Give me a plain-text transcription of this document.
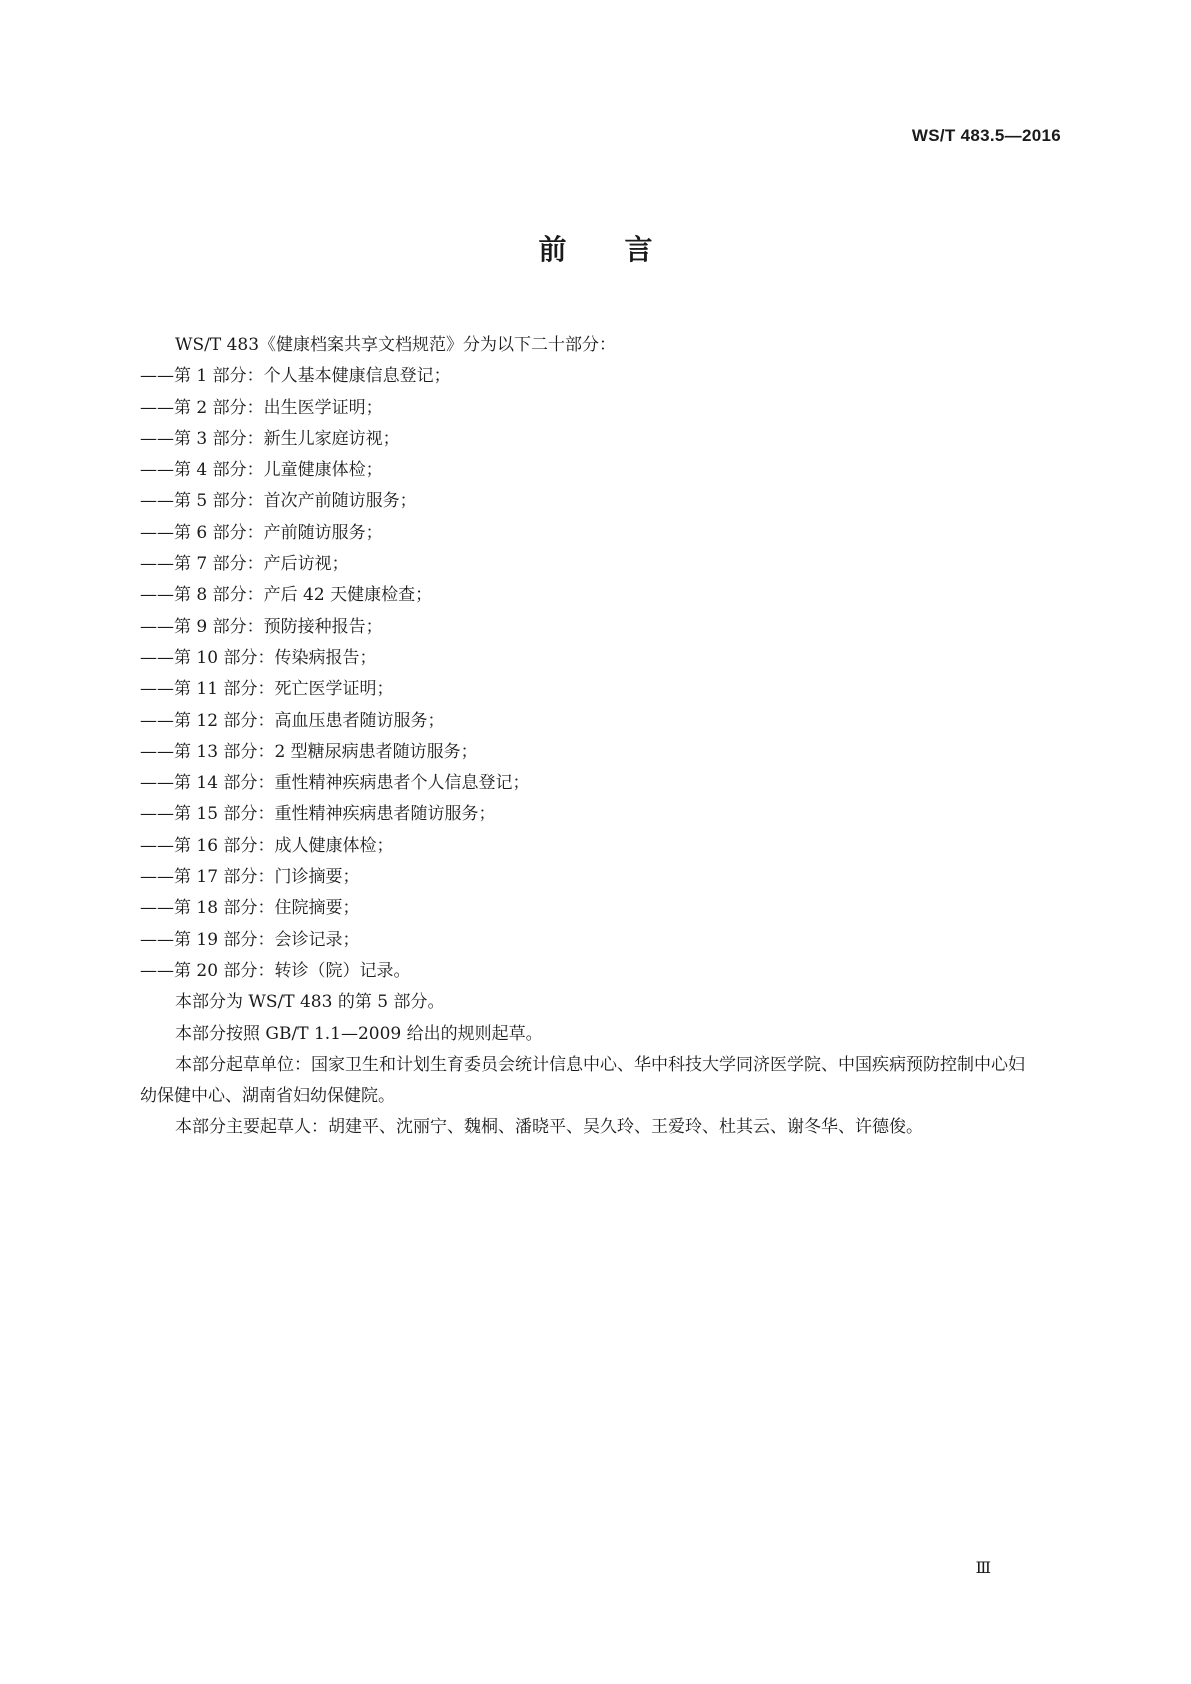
WS/T 483.5—2016
前言
WS/T 483《健康档案共享文档规范》分为以下二十部分：
——第 1 部分：个人基本健康信息登记；
——第 2 部分：出生医学证明；
——第 3 部分：新生儿家庭访视；
——第 4 部分：儿童健康体检；
——第 5 部分：首次产前随访服务；
——第 6 部分：产前随访服务；
——第 7 部分：产后访视；
——第 8 部分：产后 42 天健康检查；
——第 9 部分：预防接种报告；
——第 10 部分：传染病报告；
——第 11 部分：死亡医学证明；
——第 12 部分：高血压患者随访服务；
——第 13 部分：2 型糖尿病患者随访服务；
——第 14 部分：重性精神疾病患者个人信息登记；
——第 15 部分：重性精神疾病患者随访服务；
——第 16 部分：成人健康体检；
——第 17 部分：门诊摘要；
——第 18 部分：住院摘要；
——第 19 部分：会诊记录；
——第 20 部分：转诊（院）记录。
本部分为 WS/T 483 的第 5 部分。
本部分按照 GB/T 1.1—2009 给出的规则起草。
本部分起草单位：国家卫生和计划生育委员会统计信息中心、华中科技大学同济医学院、中国疾病预防控制中心妇幼保健中心、湖南省妇幼保健院。
本部分主要起草人：胡建平、沈丽宁、魏桐、潘晓平、吴久玲、王爱玲、杜其云、谢冬华、许德俊。
Ⅲ
